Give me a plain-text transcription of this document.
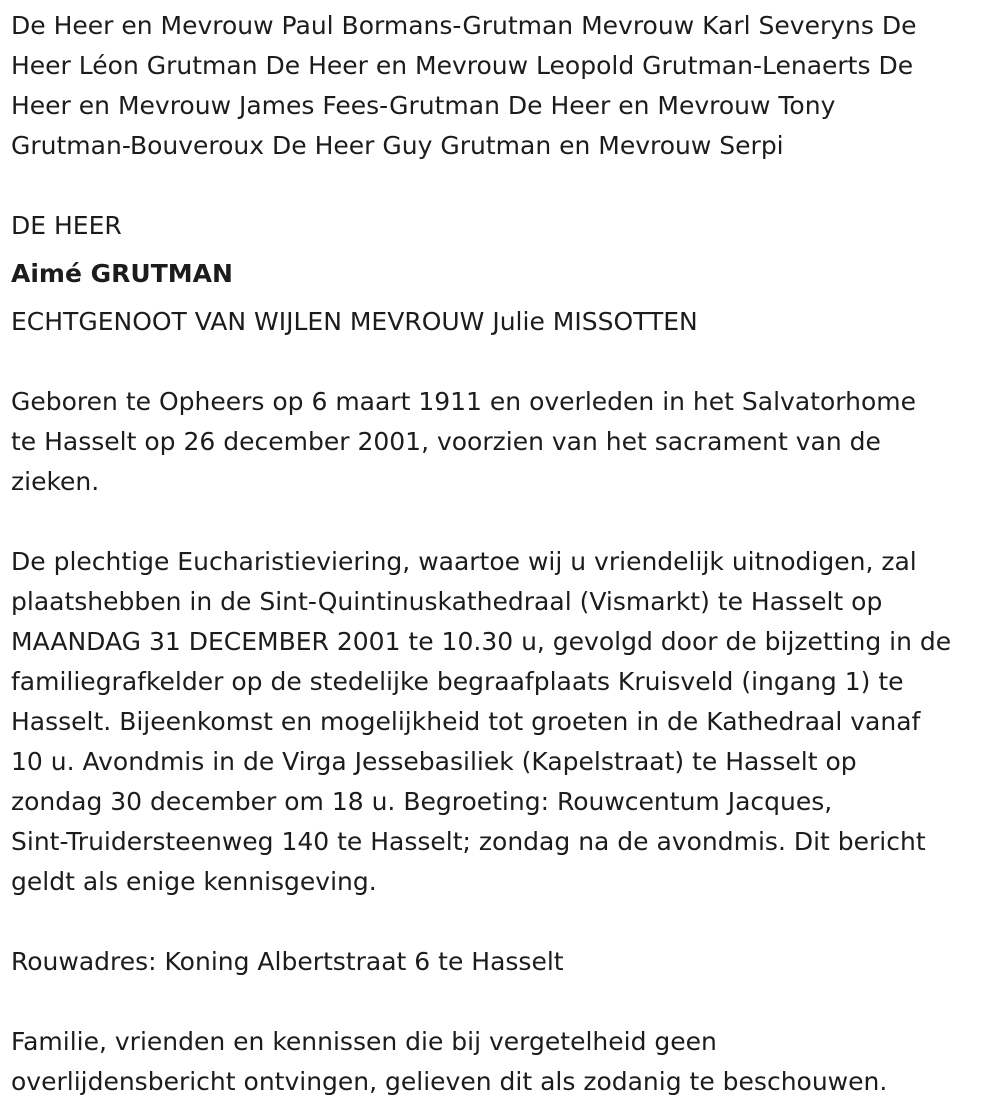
De Heer en Mevrouw Paul Bormans-Grutman Mevrouw Karl Severyns De
Heer Léon Grutman De Heer en Mevrouw Leopold Grutman-Lenaerts De
Heer en Mevrouw James Fees-Grutman De Heer en Mevrouw Tony
Grutman-Bouveroux De Heer Guy Grutman en Mevrouw Serpi

DE HEER

Aimé GRUTMAN

ECHTGENOOT VAN WIJLEN MEVROUW Julie MISSOTTEN

Geboren te Opheers op 6 maart 1911 en overleden in het Salvatorhome
te Hasselt op 26 december 2001, voorzien van het sacrament van de
zieken.

De plechtige Eucharistieviering, waartoe wij u vriendelijk uitnodigen, zal
plaatshebben in de Sint-Quintinuskathedraal (Vismarkt) te Hasselt op
MAANDAG 31 DECEMBER 2001 te 10.30 u, gevolgd door de bijzetting in de
familiegrafkelder op de stedelijke begraafplaats Kruisveld (ingang 1) te
Hasselt. Bijeenkomst en mogelijkheid tot groeten in de Kathedraal vanaf
10 u. Avondmis in de Virga Jessebasiliek (Kapelstraat) te Hasselt op
zondag 30 december om 18 u. Begroeting: Rouwcentum Jacques,
Sint-Truidersteenweg 140 te Hasselt; zondag na de avondmis. Dit bericht
geldt als enige kennisgeving.

Rouwadres: Koning Albertstraat 6 te Hasselt

Familie, vrienden en kennissen die bij vergetelheid geen
overlijdensbericht ontvingen, gelieven dit als zodanig te beschouwen.
